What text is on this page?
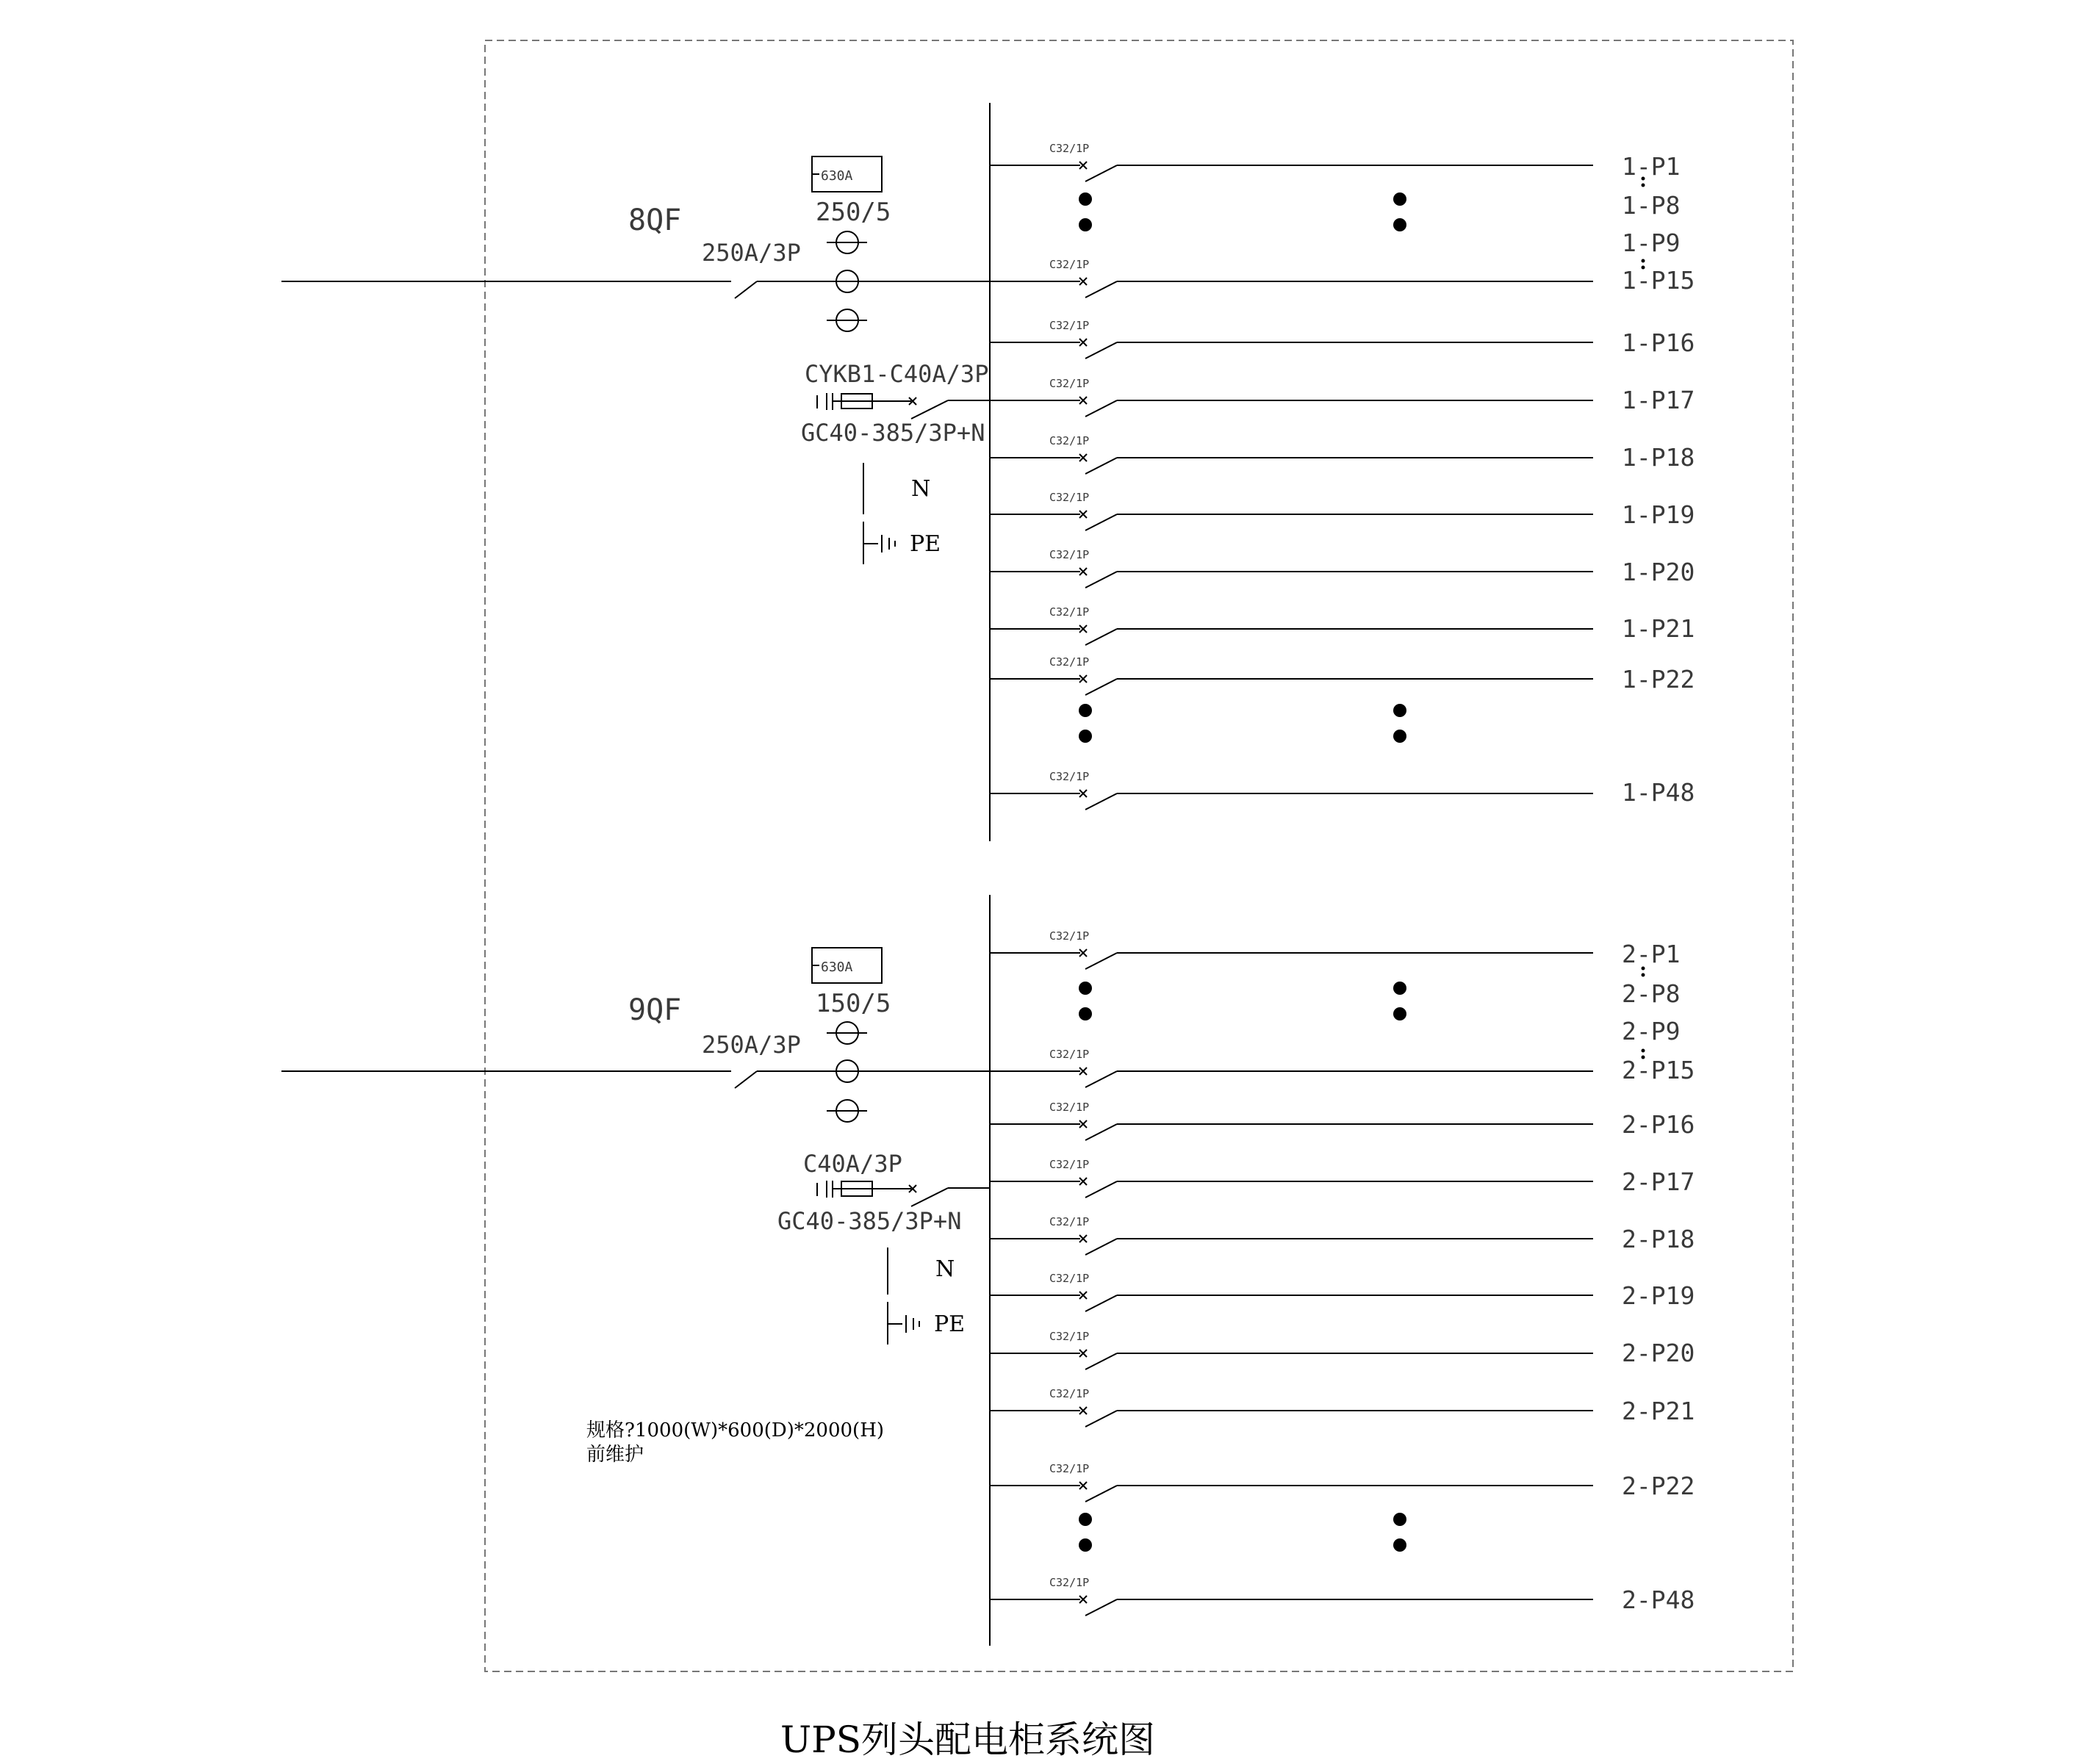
8QF
250A/3P
630A
250/5
CYKB1-C40A/3P
GC40-385/3P+N
N
PE
C32/1P
1-P1
1-P8
1-P9
C32/1P
1-P15
C32/1P
1-P16
C32/1P
1-P17
C32/1P
1-P18
C32/1P
1-P19
C32/1P
1-P20
C32/1P
1-P21
C32/1P
1-P22
C32/1P
1-P48
9QF
250A/3P
630A
150/5
C40A/3P
GC40-385/3P+N
N
PE
C32/1P
2-P1
2-P8
2-P9
C32/1P
2-P15
C32/1P
2-P16
C32/1P
2-P17
C32/1P
2-P18
C32/1P
2-P19
C32/1P
2-P20
C32/1P
2-P21
C32/1P
2-P22
C32/1P
2-P48
规格?1000(W)*600(D)*2000(H)
前维护
UPS列头配电柜系统图
